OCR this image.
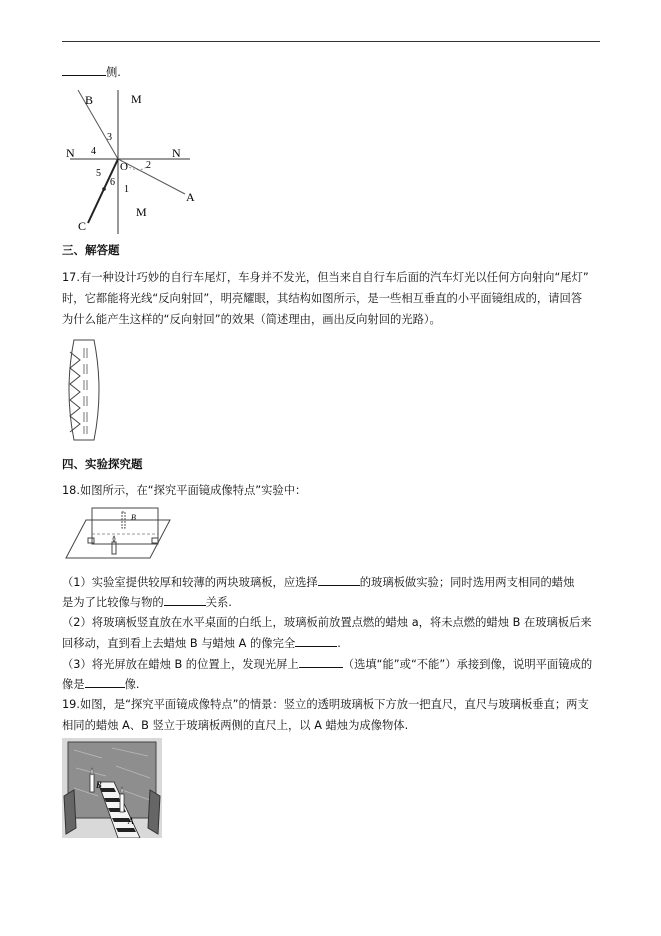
侧.
B	M
M
N	N
O
A
C
1
2
3
4
5
6
三、解答题
17.有一种设计巧妙的自行车尾灯，车身并不发光，但当来自自行车后面的汽车灯光以任何方向射向“尾灯”
时，它都能将光线“反向射回”，明亮耀眼，其结构如图所示，是一些相互垂直的小平面镜组成的，请回答
为什么能产生这样的“反向射回”的效果（简述理由，画出反向射回的光路）。
四、实验探究题
18.如图所示，在“探究平面镜成像特点”实验中：
B
（1）实验室提供较厚和较薄的两块玻璃板，应选择	的玻璃板做实验；同时选用两支相同的蜡烛
是为了比较像与物的	关系.
（2）将玻璃板竖直放在水平桌面的白纸上，玻璃板前放置点燃的蜡烛 a，将未点燃的蜡烛 B 在玻璃板后来
回移动，直到看上去蜡烛 B 与蜡烛 A 的像完全	.
（3）将光屏放在蜡烛 B 的位置上，发现光屏上	（选填“能”或“不能”）承接到像，说明平面镜成的
像是	像.
19.如图，是“探究平面镜成像特点”的情景：竖立的透明玻璃板下方放一把直尺，直尺与玻璃板垂直；两支
相同的蜡烛 A、B 竖立于玻璃板两侧的直尺上，以 A 蜡烛为成像物体.
B
A
